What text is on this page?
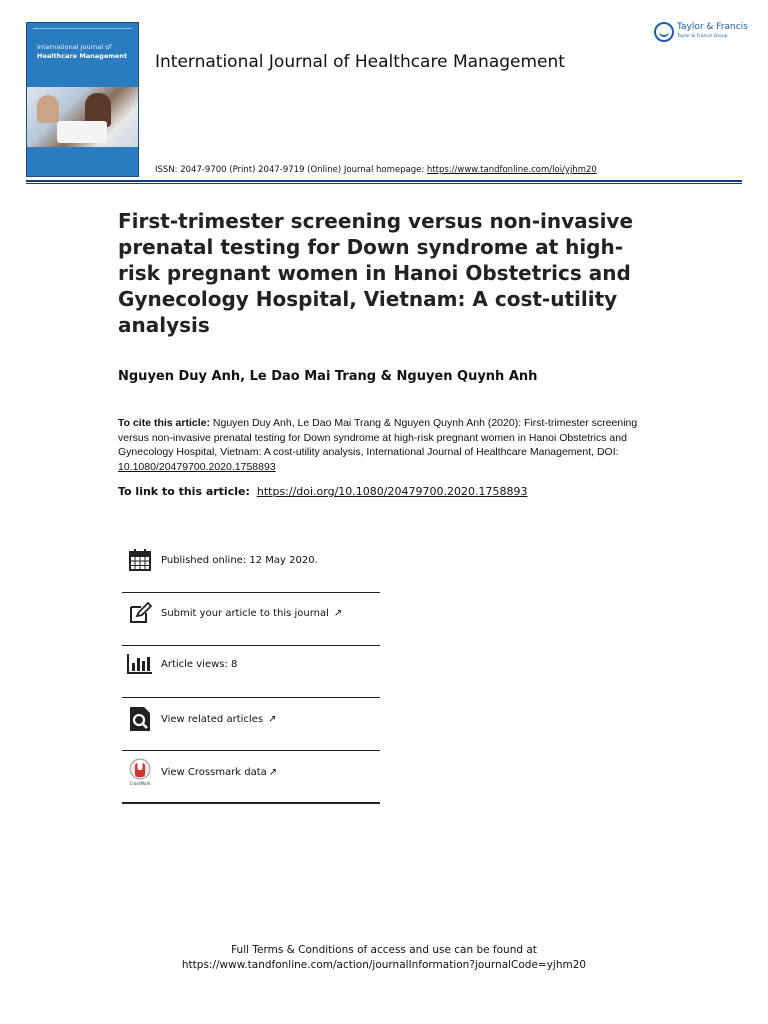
International Journal of
Healthcare Management International Journal of Healthcare Management
Taylor & Francis
Taylor & Francis Group
ISSN: 2047-9700 (Print) 2047-9719 (Online) Journal homepage: https://www.tandfonline.com/loi/yjhm20
First-trimester screening versus non-invasive prenatal testing for Down syndrome at high-risk pregnant women in Hanoi Obstetrics and Gynecology Hospital, Vietnam: A cost-utility analysis
Nguyen Duy Anh, Le Dao Mai Trang & Nguyen Quynh Anh
To cite this article: Nguyen Duy Anh, Le Dao Mai Trang & Nguyen Quynh Anh (2020): First-trimester screening versus non-invasive prenatal testing for Down syndrome at high-risk pregnant women in Hanoi Obstetrics and Gynecology Hospital, Vietnam: A cost-utility analysis, International Journal of Healthcare Management, DOI: 10.1080/20479700.2020.1758893
To link to this article: https://doi.org/10.1080/20479700.2020.1758893
Published online: 12 May 2020.
Submit your article to this journal ↗
Article views: 8
View related articles ↗
CrossMark
View Crossmark data ↗
Full Terms & Conditions of access and use can be found at
https://www.tandfonline.com/action/journalInformation?journalCode=yjhm20
